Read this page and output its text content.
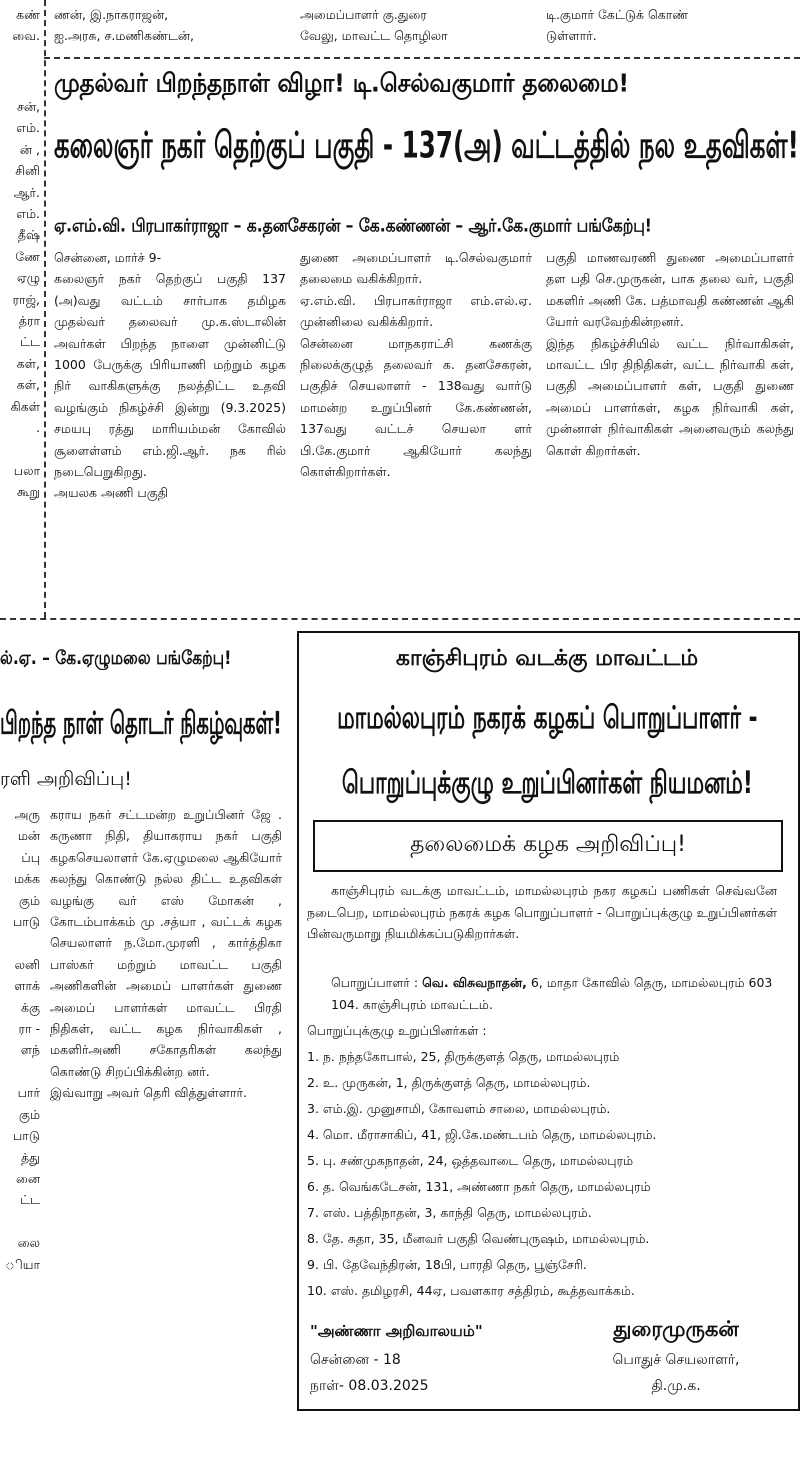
கண்
வை.
ணன், இ.நாகராஜன்,
ஐ.அரசு, ச.மணிகண்டன்,
அமைப்பாளர் கு.துரை
வேலு, மாவட்ட தொழிலா
டி.குமார் கேட்டுக் கொண்
டுள்ளார்.
சன்,
எம்.
ன் ,
சினி
ஆர்.
எம்.
தீஷ்
ணே
ஏழு
ராஜ்,
த்ரா
ட்ட
கள்,
கள்,
கிகள்
.

பலா
கூறு
முதல்வர் பிறந்தநாள் விழா! டி.செல்வகுமார் தலைமை!
கலைஞர் நகர் தெற்குப் பகுதி - 137(அ) வட்டத்தில் நல உதவிகள்!
ஏ.எம்.வி. பிரபாகர்ராஜா – க.தனசேகரன் – கே.கண்ணன் – ஆர்.கே.குமார் பங்கேற்பு!
சென்னை, மார்ச் 9-
கலைஞர் நகர் தெற்குப் பகுதி 137 (அ)வது வட்டம் சார்பாக தமிழக முதல்வர் தலைவர் மு.க.ஸ்டாலின் அவர்கள் பிறந்த நாளை முன்னிட்டு 1000 பேருக்கு பிரியாணி மற்றும் கழக நிர் வாகிகளுக்கு நலத்திட்ட உதவி வழங்கும் நிகழ்ச்சி இன்று (9.3.2025) சமயபு ரத்து மாரியம்மன் கோவில் சூளைள்ளம் எம்.ஜி.ஆர். நக ரில் நடைபெறுகிறது.
அயலக அணி பகுதி
துணை அமைப்பாளர் டி.செல்வகுமார் தலைமை வகிக்கிறார்.
ஏ.எம்.வி. பிரபாகர்ராஜா எம்.எல்.ஏ. முன்னிலை வகிக்கிறார்.
சென்னை மாநகராட்சி கணக்கு நிலைக்குழுத் தலைவர் க. தனசேகரன், பகுதிச் செயலாளர் - 138வது வார்டு மாமன்ற உறுப்பினர் கே.கண்ணன், 137வது வட்டச் செயலா ளர் பி.கே.குமார் ஆகியோர் கலந்து கொள்கிறார்கள்.
பகுதி மாணவரணி துணை அமைப்பாளர் தள பதி செ.முருகன், பாக தலை வர், பகுதி மகளிர் அணி கே. பத்மாவதி கண்ணன் ஆகி யோர் வரவேற்கின்றனர்.
இந்த நிகழ்ச்சியில் வட்ட நிர்வாகிகள், மாவட்ட பிர திநிதிகள், வட்ட நிர்வாகி கள், பகுதி அமைப்பாளர் கள், பகுதி துணை அமைப் பாளர்கள், கழக நிர்வாகி கள், முன்னாள் நிர்வாகிகள் அனைவரும் கலந்து கொள் கிறார்கள்.
ல்.ஏ. – கே.ஏழுமலை பங்கேற்பு!
பிறந்த நாள் தொடர் நிகழ்வுகள்!
ரளி அறிவிப்பு!
அரு
மன்
ப்பு
மக்க
கும்
பாடு

லனி
ளாக்
க்கு
ரா -
ளந்

பார்
கும்
பாடு
த்து
னை
ட்ட

லை
ியா
கராய நகர் சட்டமன்ற உறுப்பினர் ஜே . கருணா நிதி, தியாகராய நகர் பகுதி கழகசெயலாளர் கே.ஏழுமலை ஆகியோர் கலந்து கொண்டு நல்ல திட்ட உதவிகள் வழங்கு வர் எஸ் மோகன் , கோடம்பாக்கம் மு .சத்யா , வட்டக் கழக செயலாளர் ந.மோ.முரளி , கார்த்திகா பாஸ்கர் மற்றும் மாவட்ட பகுதி அணிகளின் அமைப் பாளர்கள் துணை அமைப் பாளர்கள் மாவட்ட பிரதி நிதிகள், வட்ட கழக நிர்வாகிகள் , மகளிர்அணி சகோதரிகள் கலந்து கொண்டு சிறப்பிக்கின்ற னர்.
இவ்வாறு அவர் தெரி வித்துள்ளார்.
காஞ்சிபுரம் வடக்கு மாவட்டம்
மாமல்லபுரம் நகரக் கழகப் பொறுப்பாளர் -
பொறுப்புக்குழு உறுப்பினர்கள் நியமனம்!
தலைமைக் கழக அறிவிப்பு!
காஞ்சிபுரம் வடக்கு மாவட்டம், மாமல்லபுரம் நகர கழகப் பணிகள் செவ்வனே நடைபெற, மாமல்லபுரம் நகரக் கழக பொறுப்பாளர் - பொறுப்புக்குழு உறுப்பினர்கள் பின்வருமாறு நியமிக்கப்படுகிறார்கள்.
பொறுப்பாளர் : வெ. விசுவநாதன், 6, மாதா கோவில் தெரு, மாமல்லபுரம் 603 104. காஞ்சிபுரம் மாவட்டம்.
பொறுப்புக்குழு உறுப்பினர்கள் :
1. ந. நந்தகோபால், 25, திருக்குளத் தெரு, மாமல்லபுரம்
2. உ. முருகன், 1, திருக்குளத் தெரு, மாமல்லபுரம்.
3. எம்.இ. முனுசாமி, கோவளம் சாலை, மாமல்லபுரம்.
4. மொ. மீராசாகிப், 41, ஜி.கே.மண்டபம் தெரு, மாமல்லபுரம்.
5. பு. சண்முகநாதன், 24, ஒத்தவாடை தெரு, மாமல்லபுரம்
6. த. வெங்கடேசன், 131, அண்ணா நகர் தெரு, மாமல்லபுரம்
7. எஸ். பத்திநாதன், 3, காந்தி தெரு, மாமல்லபுரம்.
8. தே. சுதா, 35, மீனவர் பகுதி வெண்புருஷம், மாமல்லபுரம்.
9. பி. தேவேந்திரன், 18பி, பாரதி தெரு, பூஞ்சேரி.
10. எஸ். தமிழரசி, 44ஏ, பவளகார சத்திரம், கூத்தவாக்கம்.
"அண்ணா அறிவாலயம்"
சென்னை - 18
நாள்- 08.03.2025
துரைமுருகன்
பொதுச் செயலாளர்,
தி.மு.க.
